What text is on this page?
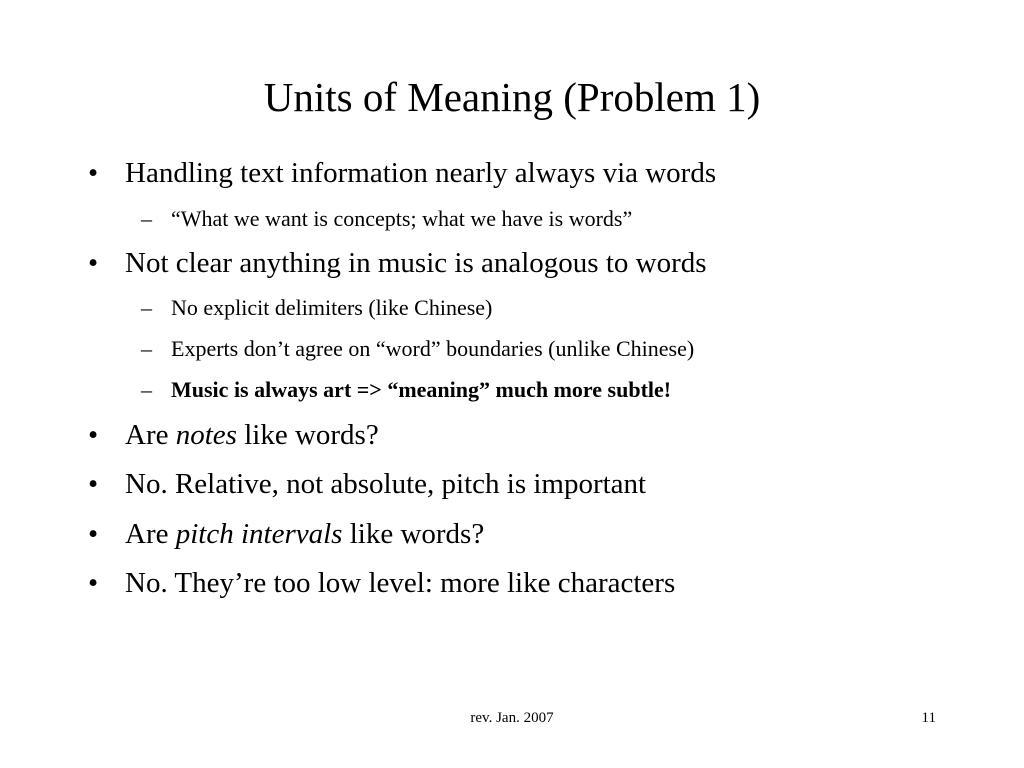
Units of Meaning (Problem 1)
• Handling text information nearly always via words
– “What we want is concepts; what we have is words”
• Not clear anything in music is analogous to words
– No explicit delimiters (like Chinese)
– Experts don’t agree on “word” boundaries (unlike Chinese)
– Music is always art => “meaning” much more subtle!
• Are notes like words?
• No. Relative, not absolute, pitch is important
• Are pitch intervals like words?
• No. They’re too low level: more like characters
rev. Jan. 2007	11
